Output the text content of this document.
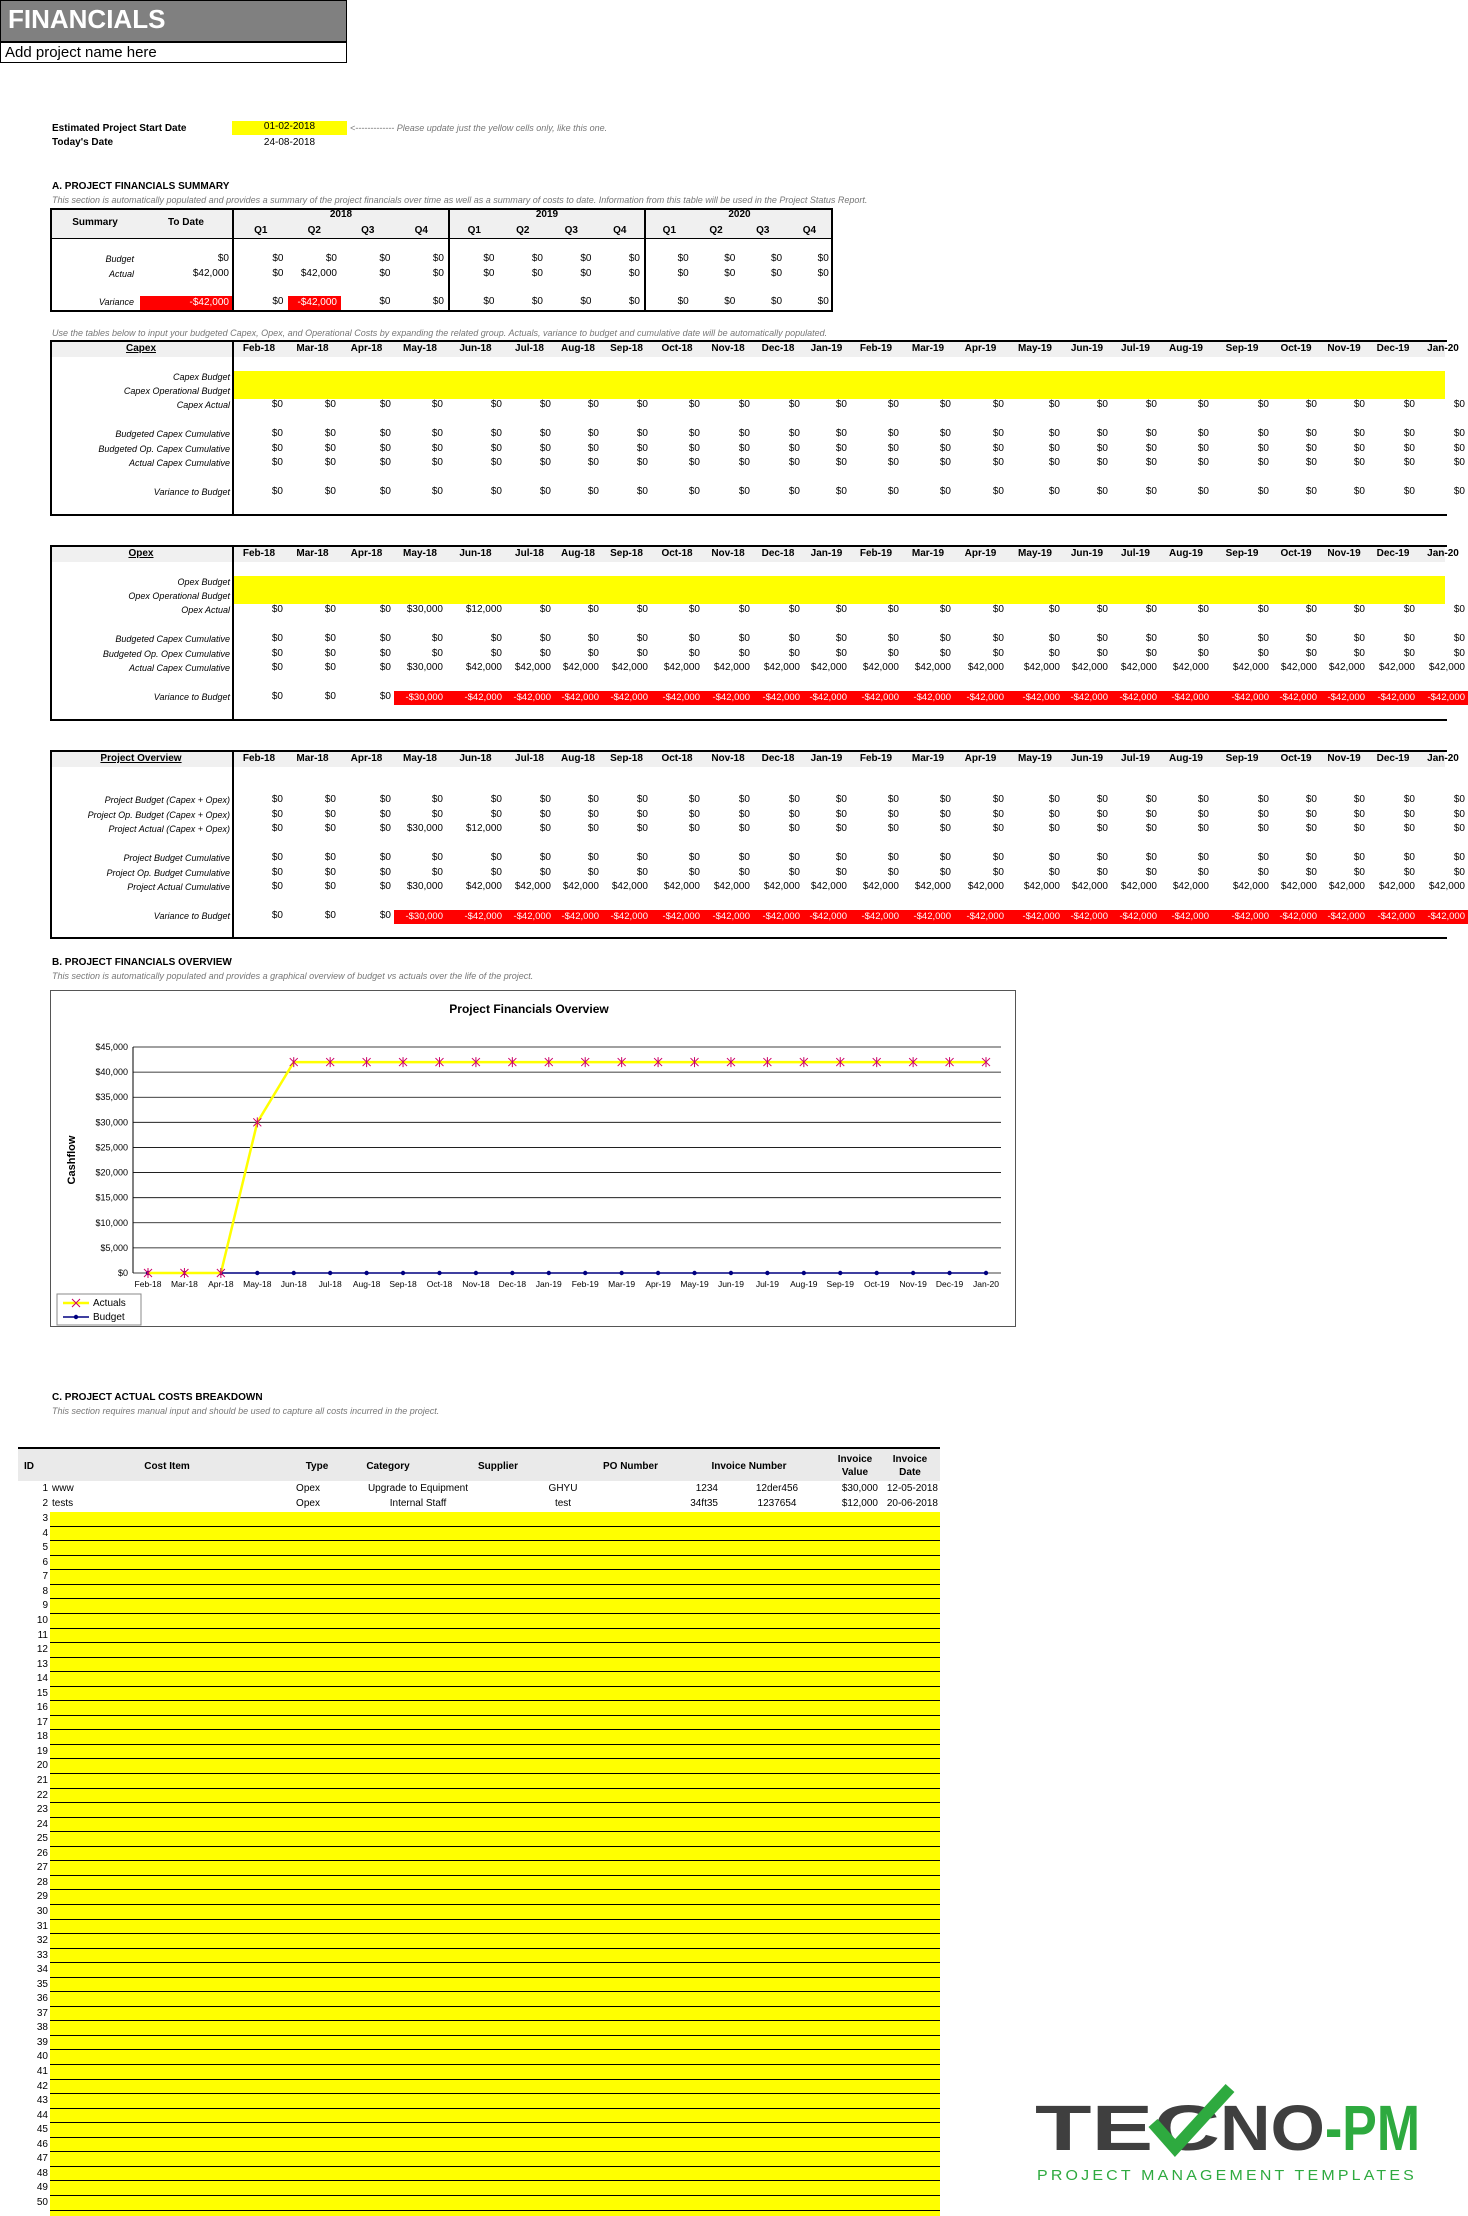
FINANCIALS
Add project name here
Estimated Project Start Date	01-02-2018	<------------- Please update just the yellow cells only, like this one.
Today's Date	24-08-2018
A. PROJECT FINANCIALS SUMMARY
This section is automatically populated and provides a summary of the project financials over time as well as a summary of costs to date. Information from this table will be used in the Project Status Report.
Summary	To Date
2018	2019	2020
Q1	Q2	Q3	Q4	Q1	Q2	Q3	Q4	Q1	Q2	Q3	Q4
Budget	$0	$0	$0	$0	$0	$0	$0	$0	$0	$0	$0	$0	$0
Actual	$42,000	$0	$42,000	$0	$0	$0	$0	$0	$0	$0	$0	$0	$0
Variance	-$42,000	$0	-$42,000	$0	$0	$0	$0	$0	$0	$0	$0	$0	$0
Use the tables below to input your budgeted Capex, Opex, and Operational Costs by expanding the related group. Actuals, variance to budget and cumulative date will be automatically populated.
Capex	Feb-18	Mar-18	Apr-18	May-18	Jun-18	Jul-18	Aug-18	Sep-18	Oct-18	Nov-18	Dec-18	Jan-19	Feb-19	Mar-19	Apr-19	May-19	Jun-19	Jul-19	Aug-19	Sep-19	Oct-19	Nov-19	Dec-19	Jan-20
Capex Budget
Capex Operational Budget
Capex Actual	$0	$0	$0	$0	$0	$0	$0	$0	$0	$0	$0	$0	$0	$0	$0	$0	$0	$0	$0	$0	$0	$0	$0	$0
Budgeted Capex Cumulative	$0	$0	$0	$0	$0	$0	$0	$0	$0	$0	$0	$0	$0	$0	$0	$0	$0	$0	$0	$0	$0	$0	$0	$0
Budgeted Op. Capex Cumulative	$0	$0	$0	$0	$0	$0	$0	$0	$0	$0	$0	$0	$0	$0	$0	$0	$0	$0	$0	$0	$0	$0	$0	$0
Actual Capex Cumulative	$0	$0	$0	$0	$0	$0	$0	$0	$0	$0	$0	$0	$0	$0	$0	$0	$0	$0	$0	$0	$0	$0	$0	$0
Variance to Budget	$0	$0	$0	$0	$0	$0	$0	$0	$0	$0	$0	$0	$0	$0	$0	$0	$0	$0	$0	$0	$0	$0	$0	$0
Opex	Feb-18	Mar-18	Apr-18	May-18	Jun-18	Jul-18	Aug-18	Sep-18	Oct-18	Nov-18	Dec-18	Jan-19	Feb-19	Mar-19	Apr-19	May-19	Jun-19	Jul-19	Aug-19	Sep-19	Oct-19	Nov-19	Dec-19	Jan-20
Opex Budget
Opex Operational Budget
Opex Actual	$0	$0	$0	$30,000	$12,000	$0	$0	$0	$0	$0	$0	$0	$0	$0	$0	$0	$0	$0	$0	$0	$0	$0	$0	$0
Budgeted Capex Cumulative	$0	$0	$0	$0	$0	$0	$0	$0	$0	$0	$0	$0	$0	$0	$0	$0	$0	$0	$0	$0	$0	$0	$0	$0
Budgeted Op. Opex Cumulative	$0	$0	$0	$0	$0	$0	$0	$0	$0	$0	$0	$0	$0	$0	$0	$0	$0	$0	$0	$0	$0	$0	$0	$0
Actual Capex Cumulative	$0	$0	$0	$30,000	$42,000	$42,000	$42,000	$42,000	$42,000	$42,000	$42,000	$42,000	$42,000	$42,000	$42,000	$42,000	$42,000	$42,000	$42,000	$42,000	$42,000	$42,000	$42,000	$42,000
Variance to Budget	$0	$0	$0	-$30,000	-$42,000	-$42,000	-$42,000	-$42,000	-$42,000	-$42,000	-$42,000 -$42,000	-$42,000	-$42,000	-$42,000	-$42,000	-$42,000	-$42,000	-$42,000	-$42,000	-$42,000	-$42,000	-$42,000	-$42,000
Project Overview	Feb-18	Mar-18	Apr-18	May-18	Jun-18	Jul-18	Aug-18	Sep-18	Oct-18	Nov-18	Dec-18	Jan-19	Feb-19	Mar-19	Apr-19	May-19	Jun-19	Jul-19	Aug-19	Sep-19	Oct-19	Nov-19	Dec-19	Jan-20
Project Budget (Capex + Opex)	$0	$0	$0	$0	$0	$0	$0	$0	$0	$0	$0	$0	$0	$0	$0	$0	$0	$0	$0	$0	$0	$0	$0	$0
Project Op. Budget (Capex + Opex)	$0	$0	$0	$0	$0	$0	$0	$0	$0	$0	$0	$0	$0	$0	$0	$0	$0	$0	$0	$0	$0	$0	$0	$0
Project Actual (Capex + Opex)	$0	$0	$0	$30,000	$12,000	$0	$0	$0	$0	$0	$0	$0	$0	$0	$0	$0	$0	$0	$0	$0	$0	$0	$0	$0
Project Budget Cumulative	$0	$0	$0	$0	$0	$0	$0	$0	$0	$0	$0	$0	$0	$0	$0	$0	$0	$0	$0	$0	$0	$0	$0	$0
Project Op. Budget Cumulative	$0	$0	$0	$0	$0	$0	$0	$0	$0	$0	$0	$0	$0	$0	$0	$0	$0	$0	$0	$0	$0	$0	$0	$0
Project Actual Cumulative	$0	$0	$0	$30,000	$42,000	$42,000	$42,000	$42,000	$42,000	$42,000	$42,000	$42,000	$42,000	$42,000	$42,000	$42,000	$42,000	$42,000	$42,000	$42,000	$42,000	$42,000	$42,000	$42,000
Variance to Budget	$0	$0	$0	-$30,000	-$42,000	-$42,000	-$42,000	-$42,000	-$42,000	-$42,000	-$42,000 -$42,000	-$42,000	-$42,000	-$42,000	-$42,000	-$42,000	-$42,000	-$42,000	-$42,000	-$42,000	-$42,000	-$42,000	-$42,000
B. PROJECT FINANCIALS OVERVIEW
This section is automatically populated and provides a graphical overview of budget vs actuals over the life of the project.
Project Financials Overview
Cashflow
$0
$5,000
$10,000
$15,000
$20,000
$25,000
$30,000
$35,000
$40,000
$45,000
Feb-18 Mar-18 Apr-18 May-18 Jun-18 Jul-18 Aug-18 Sep-18 Oct-18 Nov-18 Dec-18 Jan-19 Feb-19 Mar-19 Apr-19 May-19 Jun-19 Jul-19 Aug-19 Sep-19 Oct-19 Nov-19 Dec-19 Jan-20
Actuals
Budget
C. PROJECT ACTUAL COSTS BREAKDOWN
This section requires manual input and should be used to capture all costs incurred in the project.
ID	Cost Item	Type	Category	Supplier	PO Number	Invoice Number
Invoice
Value
Invoice
Date
1 www	Opex	Upgrade to Equipment	GHYU	1234	12der456	$30,000 12-05-2018
2 tests	Opex	Internal Staff	test	34ft35	1237654	$12,000 20-06-2018
3
4
5
6
7
8
9
10
11
12
13
14
15
16
17
18
19
20
21
22
23
24
25
26
27
28
29
30
31
32
33
34
35
36
37
38
39
40
41
42
43
44
45
46
47
48
49
50
TEC NO -PM
PROJECT MANAGEMENT TEMPLATES
